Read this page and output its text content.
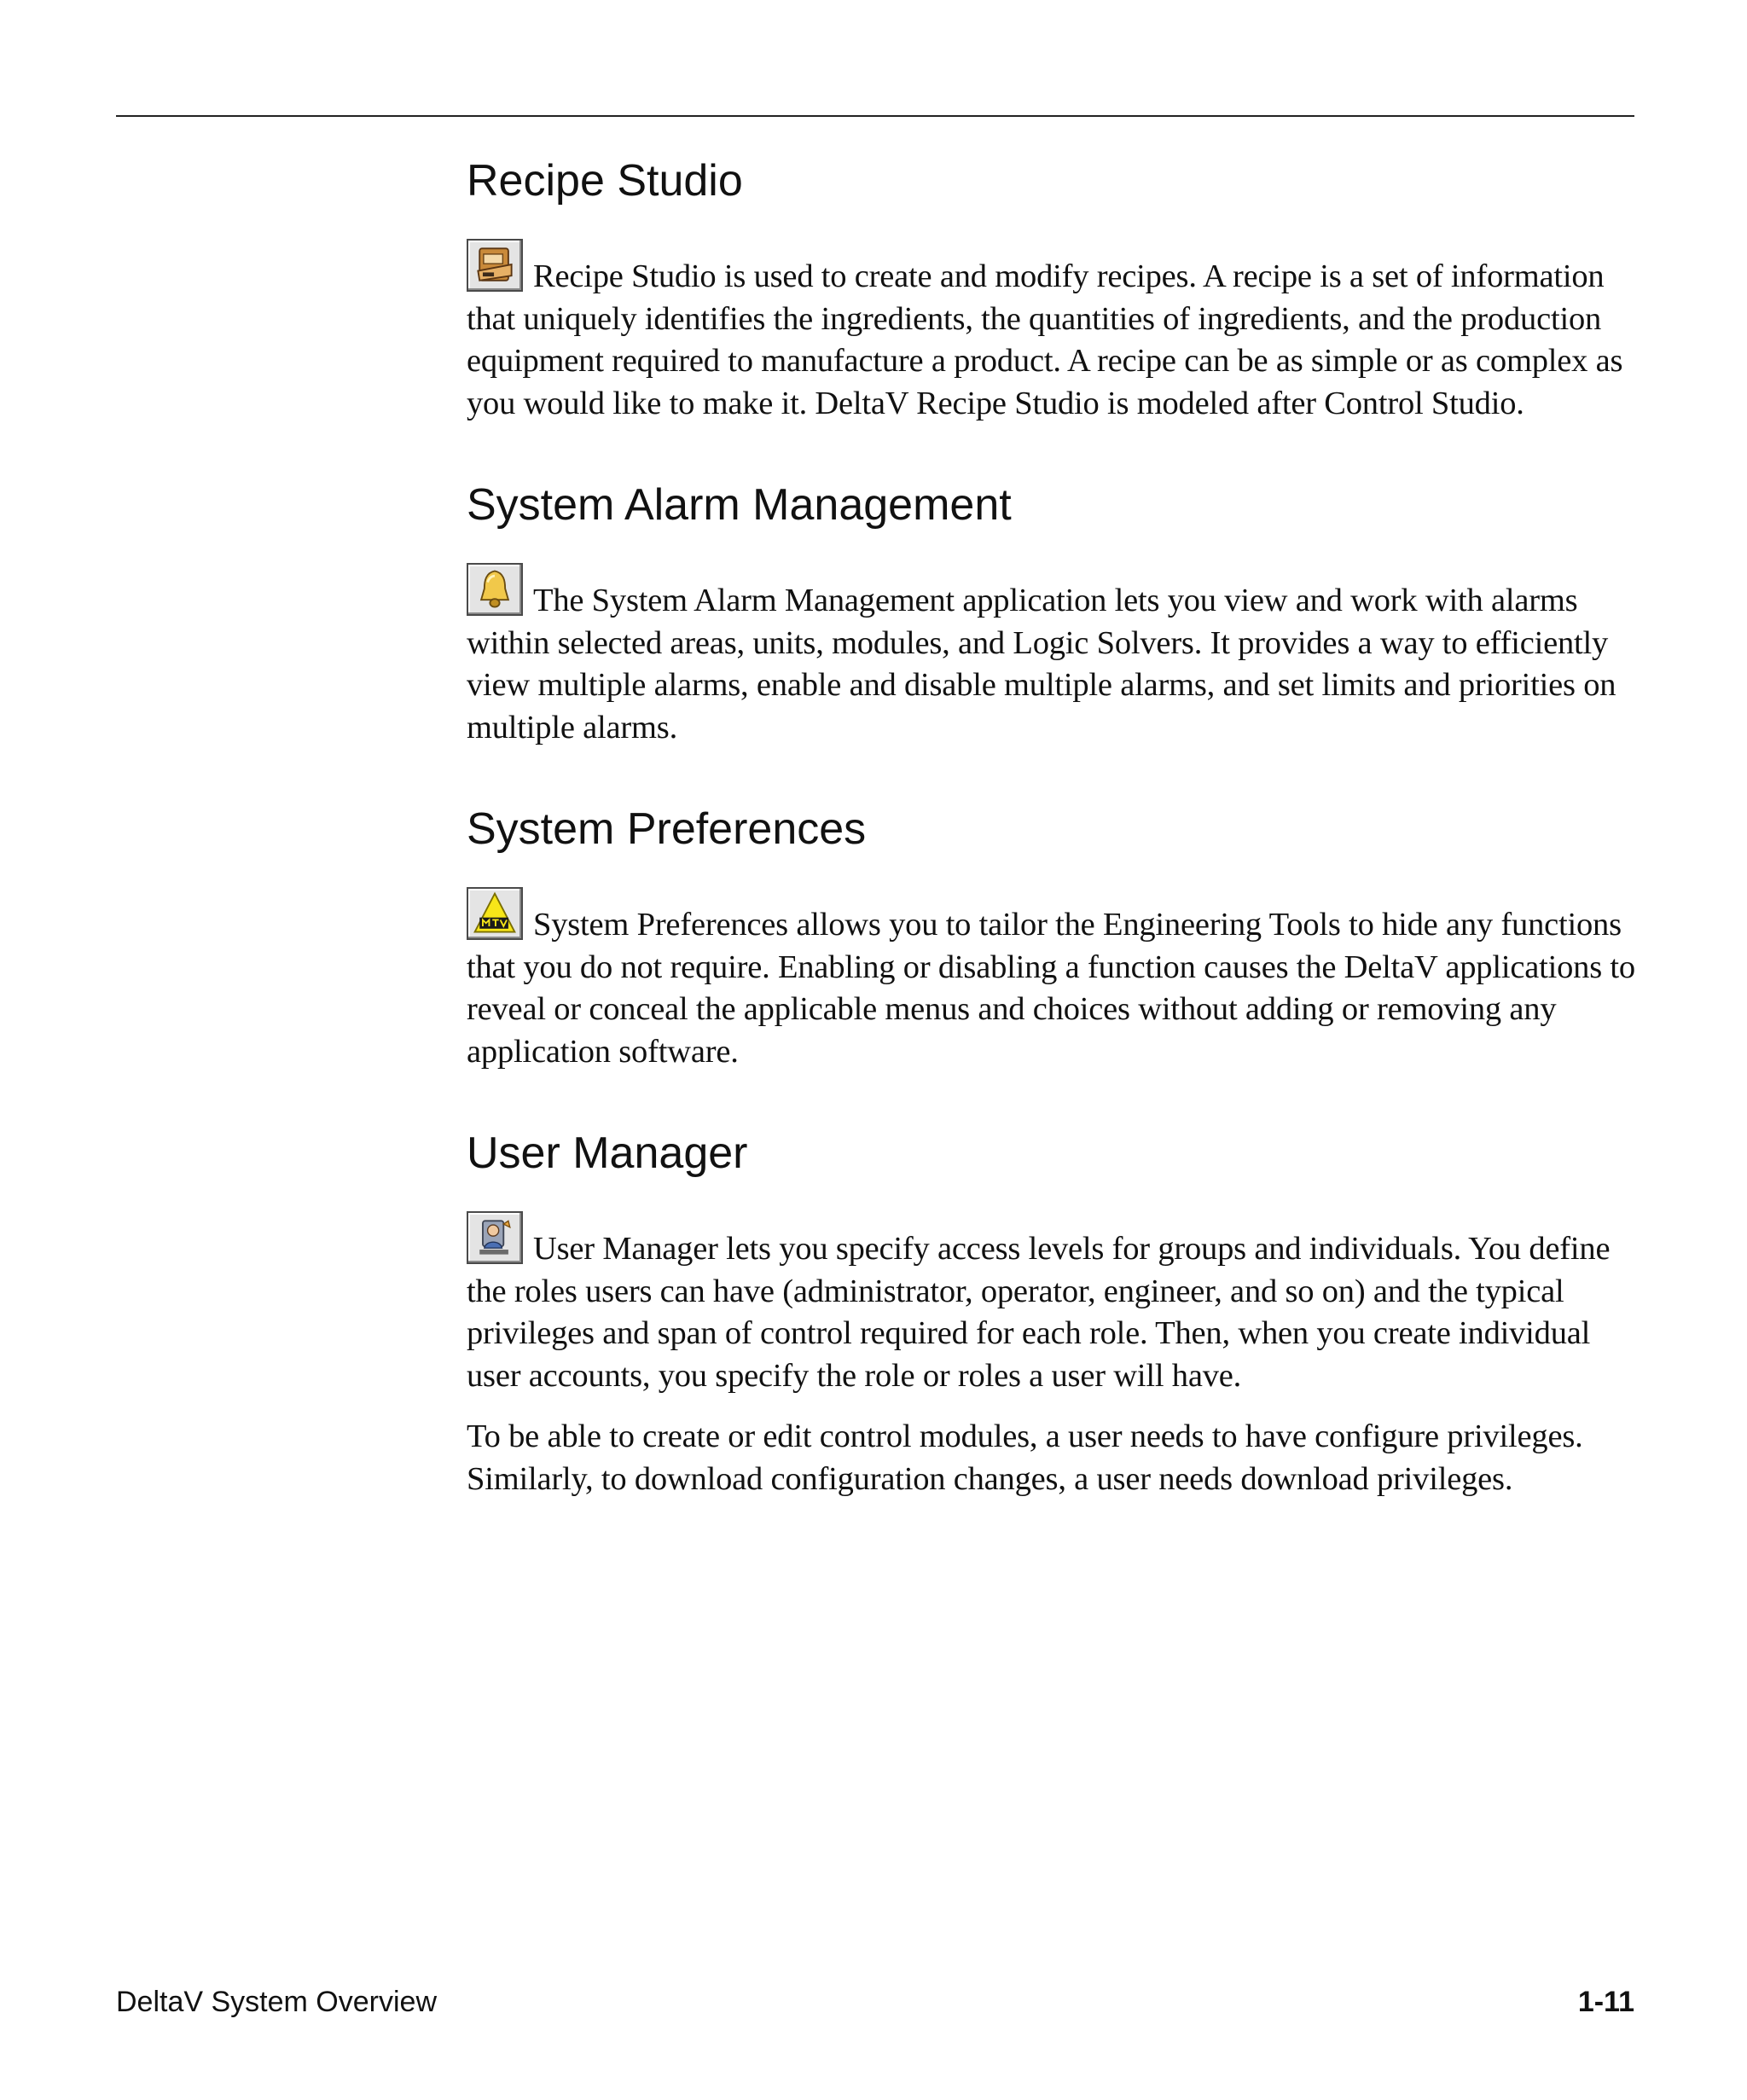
Recipe Studio

Recipe Studio is used to create and modify recipes. A recipe is a set of information that uniquely identifies the ingredients, the quantities of ingredients, and the production equipment required to manufacture a product. A recipe can be as simple or as complex as you would like to make it. DeltaV Recipe Studio is modeled after Control Studio.

System Alarm Management

The System Alarm Management application lets you view and work with alarms within selected areas, units, modules, and Logic Solvers. It provides a way to efficiently view multiple alarms, enable and disable multiple alarms, and set limits and priorities on multiple alarms.

System Preferences

System Preferences allows you to tailor the Engineering Tools to hide any functions that you do not require. Enabling or disabling a function causes the DeltaV applications to reveal or conceal the applicable menus and choices without adding or removing any application software.

User Manager

User Manager lets you specify access levels for groups and individuals. You define the roles users can have (administrator, operator, engineer, and so on) and the typical privileges and span of control required for each role. Then, when you create individual user accounts, you specify the role or roles a user will have.

To be able to create or edit control modules, a user needs to have configure privileges. Similarly, to download configuration changes, a user needs download privileges.

DeltaV System Overview	1-11
